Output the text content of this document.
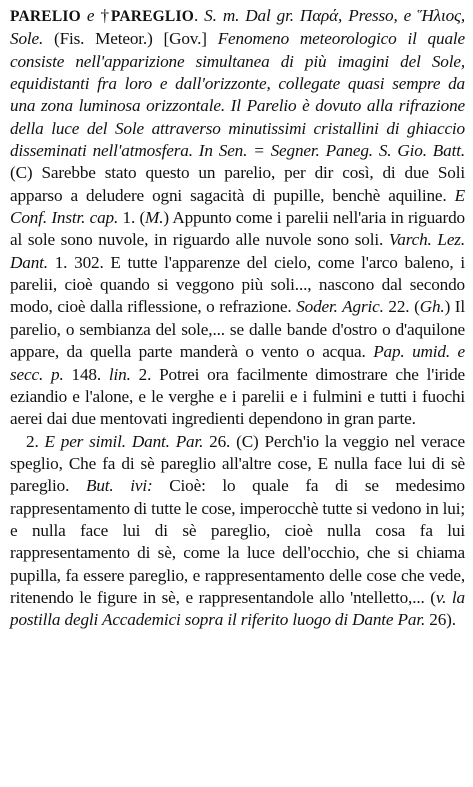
PARELIO e †PAREGLIO. S. m. Dal gr. Παρά, Presso, e Ἥλιος, Sole. (Fis. Meteor.) [Gov.] Fenomeno meteorologico il quale consiste nell'apparizione simultanea di più imagini del Sole, equidistanti fra loro e dall'orizzonte, collegate quasi sempre da una zona luminosa orizzontale. Il Parelio è dovuto alla rifrazione della luce del Sole attraverso minutissimi cristallini di ghiaccio disseminati nell'atmosfera. In Sen. = Segner. Paneg. S. Gio. Batt. (C) Sarebbe stato questo un parelio, per dir così, di due Soli apparso a deludere ogni sagacità di pupille, benchè aquiline. E Conf. Instr. cap. 1. (M.) Appunto come i parelii nell'aria in riguardo al sole sono nuvole, in riguardo alle nuvole sono soli. Varch. Lez. Dant. 1. 302. E tutte l'apparenze del cielo, come l'arco baleno, i parelii, cioè quando si veggono più soli..., nascono dal secondo modo, cioè dalla riflessione, o refrazione. Soder. Agric. 22. (Gh.) Il parelio, o sembianza del sole,... se dalle bande d'ostro o d'aquilone appare, da quella parte manderà o vento o acqua. Pap. umid. e secc. p. 148. lin. 2. Potrei ora facilmente dimostrare che l'iride eziandio e l'alone, e le verghe e i parelii e i fulmini e tutti i fuochi aerei dai due mentovati ingredienti dependono in gran parte.

2. E per simil. Dant. Par. 26. (C) Perch'io la veggio nel verace speglio, Che fa di sè pareglio all'altre cose, E nulla face lui di sè pareglio. But. ivi: Cioè: lo quale fa di se medesimo rappresentamento di tutte le cose, imperocchè tutte si vedono in lui; e nulla face lui di sè pareglio, cioè nulla cosa fa lui rappresentamento di sè, come la luce dell'occhio, che si chiama pupilla, fa essere pareglio, e rappresentamento delle cose che vede, ritenendo le figure in sè, e rappresentandole allo 'ntelletto,... (v. la postilla degli Accademici sopra il riferito luogo di Dante Par. 26).
